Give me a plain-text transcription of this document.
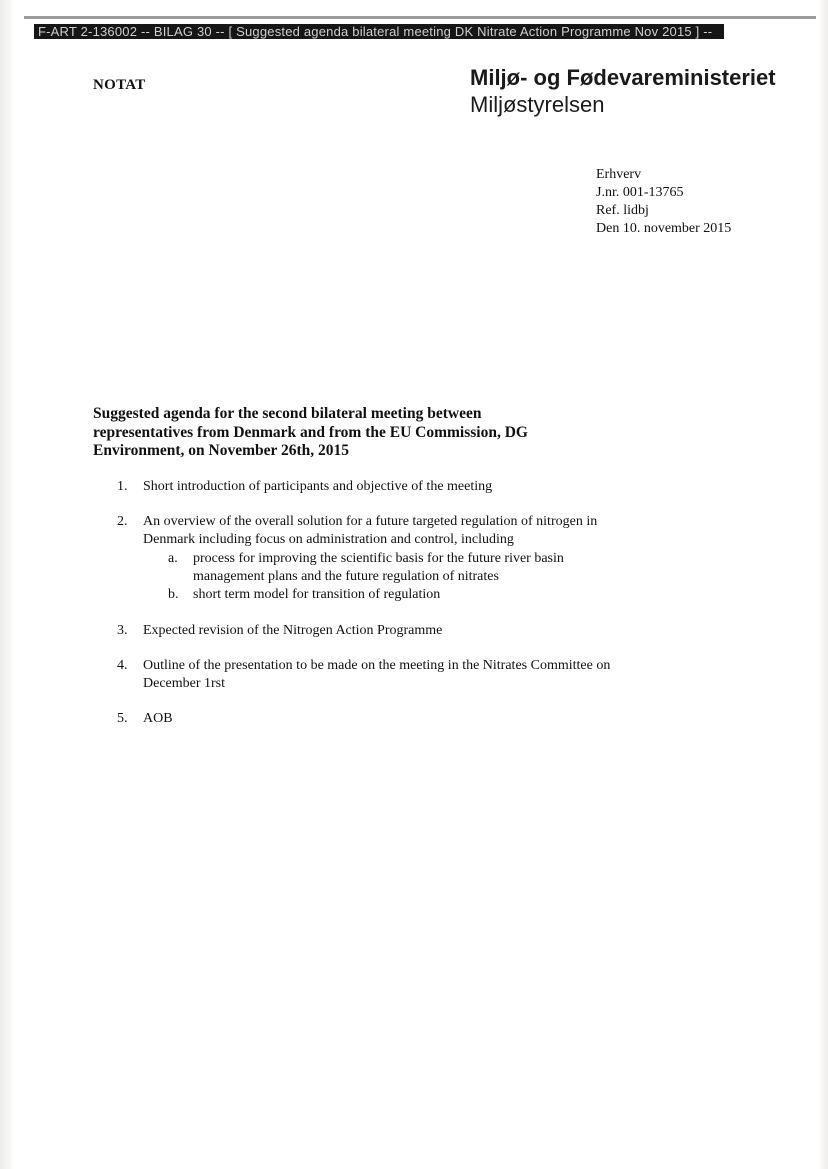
F-ART 2-136002 -- BILAG 30 -- [ Suggested agenda bilateral meeting DK Nitrate Action Programme Nov 2015 ] --
NOTAT	Miljø- og Fødevareministeriet
Miljøstyrelsen
Erhverv
J.nr. 001-13765
Ref. lidbj
Den 10. november 2015
Suggested agenda for the second bilateral meeting between representatives from Denmark and from the EU Commission, DG Environment, on November 26th, 2015
1. Short introduction of participants and objective of the meeting
2. An overview of the overall solution for a future targeted regulation of nitrogen in Denmark including focus on administration and control, including
a. process for improving the scientific basis for the future river basin management plans and the future regulation of nitrates
b. short term model for transition of regulation
3. Expected revision of the Nitrogen Action Programme
4. Outline of the presentation to be made on the meeting in the Nitrates Committee on December 1rst
5. AOB
